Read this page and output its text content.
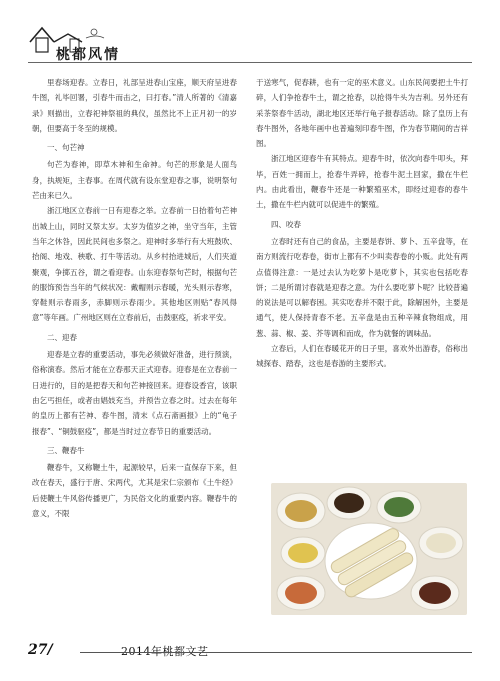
桃都风情

里春场迎春。立春日，礼部呈进春山宝座，顺天府呈进春牛图，礼毕回署，引春牛而击之，曰打春。”清人所著的《清嘉录》则描出，立春祀神祭祖的典仪，虽然比不上正月初一的岁朝，但要高于冬至的规模。

一、句芒神

句芒为春神，即草木神和生命神。句芒的形象是人面鸟身，执规矩，主春事。在周代就有设东堂迎春之事，说明祭句芒由来已久。

浙江地区立春前一日有迎春之举。立春前一日抬着句芒神出城上山，同时又祭太岁。太岁为值岁之神，坐守当年，主管当年之休咎，因此民间也多祭之。迎神时多举行有大班鼓吹、抬阁、地戏、秧歌、打牛等活动。从乡村抬进城后，人们夹道聚观，争掷五谷，谓之看迎春。山东迎春祭句芒时，根据句芒的服饰预告当年的气候状况：戴帽则示春暖，光头则示春寒，穿鞋则示春雨多，赤脚则示春雨少。其他地区则贴“春风得意”等年画。广州地区则在立春前后，击鼓驱疫，祈求平安。

二、迎春

迎春是立春的重要活动，事先必须做好准备，进行预演，俗称演春。然后才能在立春那天正式迎春。迎春是在立春前一日进行的，目的是把春天和句芒神接回来。迎春设香宫，该职由乞丐担任，或者由娼妓充当，并预告立春之时。过去在每年的皇历上都有芒神、春牛图，清末《点石斋画报》上的“龟子报春”、“铜鼓驱疫”，都是当时过立春节日的重要活动。

三、鞭春牛

鞭春牛，又称鞭土牛，起源较早，后来一直保存下来，但改在春天，盛行于唐、宋两代，尤其是宋仁宗颁布《土牛经》后使鞭土牛风俗传播更广，为民俗文化的重要内容。鞭春牛的意义，不限

于送寒气，促春耕，也有一定的巫术意义。山东民间要把土牛打碎，人们争抢春牛土，谓之抢春，以抢得牛头为吉利。另外还有采茶祭春牛活动，湖北地区还举行龟子报春活动。除了皇历上有春牛图外，各地年画中也普遍刻印春牛图，作为春节期间的吉祥图。

浙江地区迎春牛有其特点。迎春牛时，依次向春牛叩头，拜毕，百姓一拥而上，抢春牛弄碎，抢春牛泥土回家，撒在牛栏内。由此看出，鞭春牛还是一种繁殖巫术，即经过迎春的春牛土，撒在牛栏内就可以促进牛的繁殖。

四、咬春

立春时还有自己的食品，主要是春饼、萝卜、五辛盘等，在南方则流行吃春卷，街市上都有不少叫卖春卷的小贩。此处有两点值得注意：一是过去认为吃萝卜是吃萝卜，其实也包括吃春饼；二是所谓讨春就是迎春之意。为什么要吃萝卜呢？比较普遍的说法是可以解春困。其实吃春并不限于此，除解困外，主要是通气，使人保持青春不老。五辛盘是由五种辛辣食物组成，用葱、蒜、椒、姜、芥等调和而成，作为就餐的调味品。

立春后，人们在春暖花开的日子里，喜欢外出游春，俗称出城探春、踏春，这也是春游的主要形式。

27/	2014年桃都文艺
